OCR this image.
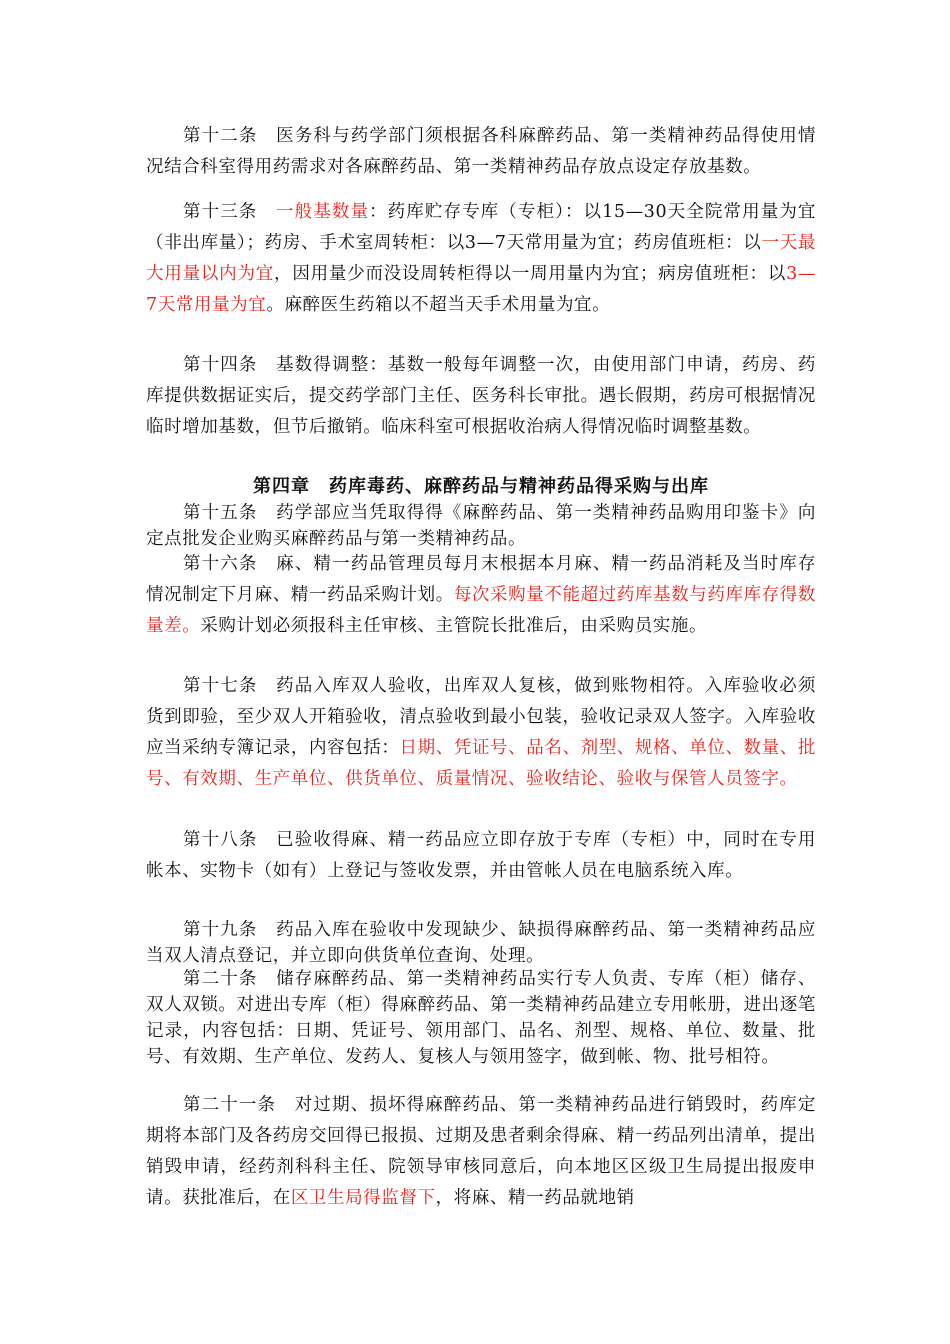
第十二条　医务科与药学部门须根据各科麻醉药品、第一类精神药品得使用情况结合科室得用药需求对各麻醉药品、第一类精神药品存放点设定存放基数。

第十三条　一般基数量：药库贮存专库（专柜）：以15—30天全院常用量为宜（非出库量）；药房、手术室周转柜：以3—7天常用量为宜；药房值班柜：以一天最大用量以内为宜，因用量少而没设周转柜得以一周用量内为宜；病房值班柜：以3—7天常用量为宜。麻醉医生药箱以不超当天手术用量为宜。

第十四条　基数得调整：基数一般每年调整一次，由使用部门申请，药房、药库提供数据证实后，提交药学部门主任、医务科长审批。遇长假期，药房可根据情况临时增加基数，但节后撤销。临床科室可根据收治病人得情况临时调整基数。

第四章　药库毒药、麻醉药品与精神药品得采购与出库

第十五条　药学部应当凭取得得《麻醉药品、第一类精神药品购用印鉴卡》向定点批发企业购买麻醉药品与第一类精神药品。

第十六条　麻、精一药品管理员每月末根据本月麻、精一药品消耗及当时库存情况制定下月麻、精一药品采购计划。每次采购量不能超过药库基数与药库库存得数量差。采购计划必须报科主任审核、主管院长批准后，由采购员实施。

第十七条　药品入库双人验收，出库双人复核，做到账物相符。入库验收必须货到即验，至少双人开箱验收，清点验收到最小包装，验收记录双人签字。入库验收应当采纳专簿记录，内容包括：日期、凭证号、品名、剂型、规格、单位、数量、批号、有效期、生产单位、供货单位、质量情况、验收结论、验收与保管人员签字。

第十八条　已验收得麻、精一药品应立即存放于专库（专柜）中，同时在专用帐本、实物卡（如有）上登记与签收发票，并由管帐人员在电脑系统入库。

第十九条　药品入库在验收中发现缺少、缺损得麻醉药品、第一类精神药品应当双人清点登记，并立即向供货单位查询、处理。

第二十条　储存麻醉药品、第一类精神药品实行专人负责、专库（柜）储存、双人双锁。对进出专库（柜）得麻醉药品、第一类精神药品建立专用帐册，进出逐笔记录，内容包括：日期、凭证号、领用部门、品名、剂型、规格、单位、数量、批号、有效期、生产单位、发药人、复核人与领用签字，做到帐、物、批号相符。

第二十一条　对过期、损坏得麻醉药品、第一类精神药品进行销毁时，药库定期将本部门及各药房交回得已报损、过期及患者剩余得麻、精一药品列出清单，提出销毁申请，经药剂科科主任、院领导审核同意后，向本地区区级卫生局提出报废申请。获批准后，在区卫生局得监督下，将麻、精一药品就地销
